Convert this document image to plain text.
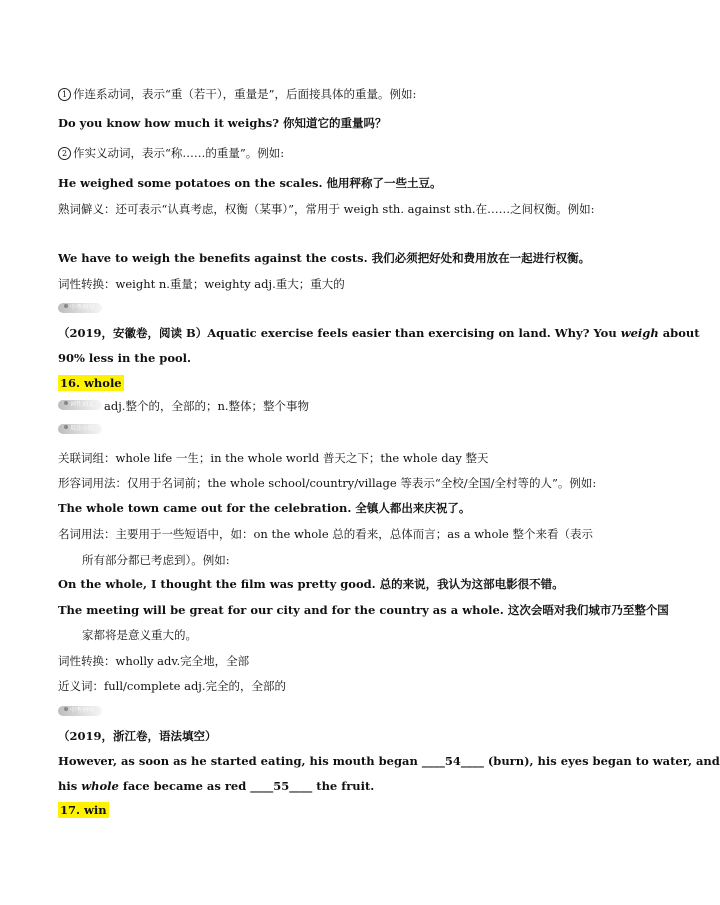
1 作连系动词，表示“重（若干），重量是”，后面接具体的重量。例如:
Do you know how much it weighs? 你知道它的重量吗？
2 作实义动词，表示“称……的重量”。例如:
He weighed some potatoes on the scales. 他用秤称了一些土豆。
熟词僻义：还可表示“认真考虑，权衡（某事）”，常用于 weigh sth. against sth.在……之间权衡。例如:
We have to weigh the benefits against the costs. 我们必须把好处和费用放在一起进行权衡。
词性转换：weight n.重量；weighty adj.重大；重大的
中考例句
（2019，安徽卷，阅读 B）Aquatic exercise feels easier than exercising on land. Why? You weigh about
90% less in the pool.
16. whole
词性词义 adj.整个的，全部的；n.整体；整个事物
用法小结
关联词组：whole life 一生；in the whole world 普天之下；the whole day 整天
形容词用法：仅用于名词前；the whole school/country/village 等表示“全校/全国/全村等的人”。例如:
The whole town came out for the celebration. 全镇人都出来庆祝了。
名词用法：主要用于一些短语中，如：on the whole 总的看来，总体而言；as a whole 整个来看（表示
所有部分都已考虑到）。例如:
On the whole, I thought the film was pretty good. 总的来说，我认为这部电影很不错。
The meeting will be great for our city and for the country as a whole. 这次会晤对我们城市乃至整个国
家都将是意义重大的。
词性转换：wholly adv.完全地，全部
近义词：full/complete adj.完全的，全部的
中考例句
（2019，浙江卷，语法填空）
However, as soon as he started eating, his mouth began ____54____ (burn), his eyes began to water, and
his whole face became as red ____55____ the fruit.
17. win
